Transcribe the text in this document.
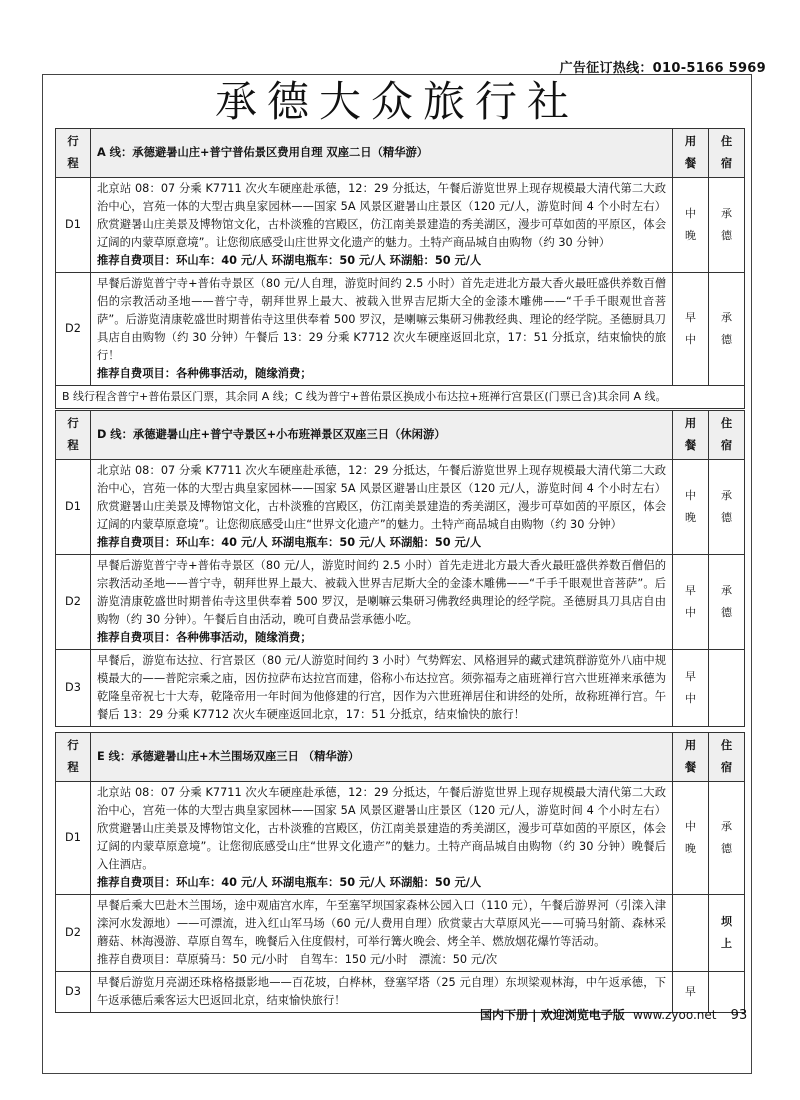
广告征订热线：010-5166 5969
承德大众旅行社
行程	A 线：承德避暑山庄+普宁普佑景区费用自理 双座二日（精华游）	用餐	住宿

D1	北京站 08：07 分乘 K7711 次火车硬座赴承德，12：29 分抵达，午餐后游览世界上现存规模最大清代第二大政治中心，宫苑一体的大型古典皇家园林——国家 5A 风景区避暑山庄景区（120 元/人，游览时间 4 个小时左右）欣赏避暑山庄美景及博物馆文化，古朴淡雅的宫殿区，仿江南美景建造的秀美湖区，漫步可草如茵的平原区，体会辽阔的内蒙草原意境”。让您彻底感受山庄世界文化遗产的魅力。土特产商品城自由购物（约 30 分钟）

推荐自费项目：环山车：40 元/人 环湖电瓶车：50 元/人 环湖船：50 元/人	中晚	承德

D2	早餐后游览普宁寺+普佑寺景区（80 元/人自理，游览时间约 2.5 小时）首先走进北方最大香火最旺盛供养数百僧侣的宗教活动圣地——普宁寺，朝拜世界上最大、被载入世界吉尼斯大全的金漆木雕佛——“千手千眼观世音菩萨”。后游览清康乾盛世时期普佑寺这里供奉着 500 罗汉，是喇嘛云集研习佛教经典、理论的经学院。圣德厨具刀具店自由购物（约 30 分钟）午餐后 13：29 分乘 K7712 次火车硬座返回北京，17：51 分抵京，结束愉快的旅行！

推荐自费项目：各种佛事活动，随缘消费；	早中	承德

B 线行程含普宁+普佑景区门票，其余同 A 线；C 线为普宁+普佑景区换成小布达拉+班禅行宫景区(门票已含)其余同 A 线。			
行程	D 线：承德避暑山庄+普宁寺景区+小布班禅景区双座三日（休闲游）	用餐	住宿

D1	北京站 08：07 分乘 K7711 次火车硬座赴承德，12：29 分抵达，午餐后游览世界上现存规模最大清代第二大政治中心，宫苑一体的大型古典皇家园林——国家 5A 风景区避暑山庄景区（120 元/人，游览时间 4 个小时左右）欣赏避暑山庄美景及博物馆文化，古朴淡雅的宫殿区，仿江南美景建造的秀美湖区，漫步可草如茵的平原区，体会辽阔的内蒙草原意境”。让您彻底感受山庄“世界文化遗产”的魅力。土特产商品城自由购物（约 30 分钟）

推荐自费项目：环山车：40 元/人 环湖电瓶车：50 元/人 环湖船：50 元/人	中晚	承德

D2	早餐后游览普宁寺+普佑寺景区（80 元/人，游览时间约 2.5 小时）首先走进北方最大香火最旺盛供养数百僧侣的宗教活动圣地——普宁寺，朝拜世界上最大、被载入世界吉尼斯大全的金漆木雕佛——“千手千眼观世音菩萨”。后游览清康乾盛世时期普佑寺这里供奉着 500 罗汉，是喇嘛云集研习佛教经典理论的经学院。圣德厨具刀具店自由购物（约 30 分钟）。午餐后自由活动，晚可自费品尝承德小吃。

推荐自费项目：各种佛事活动，随缘消费；	早中	承德

D3	早餐后，游览布达拉、行宫景区（80 元/人游览时间约 3 小时）气势辉宏、风格迥异的藏式建筑群游览外八庙中规模最大的——普陀宗乘之庙，因仿拉萨布达拉宫而建，俗称小布达拉宫。须弥福寿之庙班禅行宫六世班禅来承德为乾隆皇帝祝七十大寿，乾隆帝用一年时间为他修建的行宫，因作为六世班禅居住和讲经的处所，故称班禅行宫。午餐后 13：29 分乘 K7712 次火车硬座返回北京，17：51 分抵京，结束愉快的旅行！	早中	

行程	E 线：承德避暑山庄+木兰围场双座三日 （精华游）	用餐	住宿

D1	北京站 08：07 分乘 K7711 次火车硬座赴承德，12：29 分抵达，午餐后游览世界上现存规模最大清代第二大政治中心，宫苑一体的大型古典皇家园林——国家 5A 风景区避暑山庄景区（120 元/人，游览时间 4 个小时左右）欣赏避暑山庄美景及博物馆文化，古朴淡雅的宫殿区，仿江南美景建造的秀美湖区，漫步可草如茵的平原区，体会辽阔的内蒙草原意境”。让您彻底感受山庄“世界文化遗产”的魅力。土特产商品城自由购物（约 30 分钟）晚餐后入住酒店。

推荐自费项目：环山车：40 元/人 环湖电瓶车：50 元/人 环湖船：50 元/人	中晚	承德

D2	早餐后乘大巴赴木兰围场，途中观庙宫水库，午至塞罕坝国家森林公园入口（110 元），午餐后游界河（引滦入津滦河水发源地）——可漂流，进入红山军马场（60 元/人费用自理）欣赏蒙古大草原风光——可骑马射箭、森林采蘑菇、林海漫游、草原自驾车，晚餐后入住度假村，可举行篝火晚会、烤全羊、燃放烟花爆竹等活动。

推荐自费项目：草原骑马：50 元/小时　自驾车：150 元/小时　漂流：50 元/次		坝上

D3	早餐后游览月亮湖还珠格格摄影地——百花坡，白桦林，登塞罕塔（25 元自理）东坝梁观林海，中午返承德，下午返承德后乘客运大巴返回北京，结束愉快旅行！	早	

国内下册 | 欢迎浏览电子版 www.zyoo.net 93
